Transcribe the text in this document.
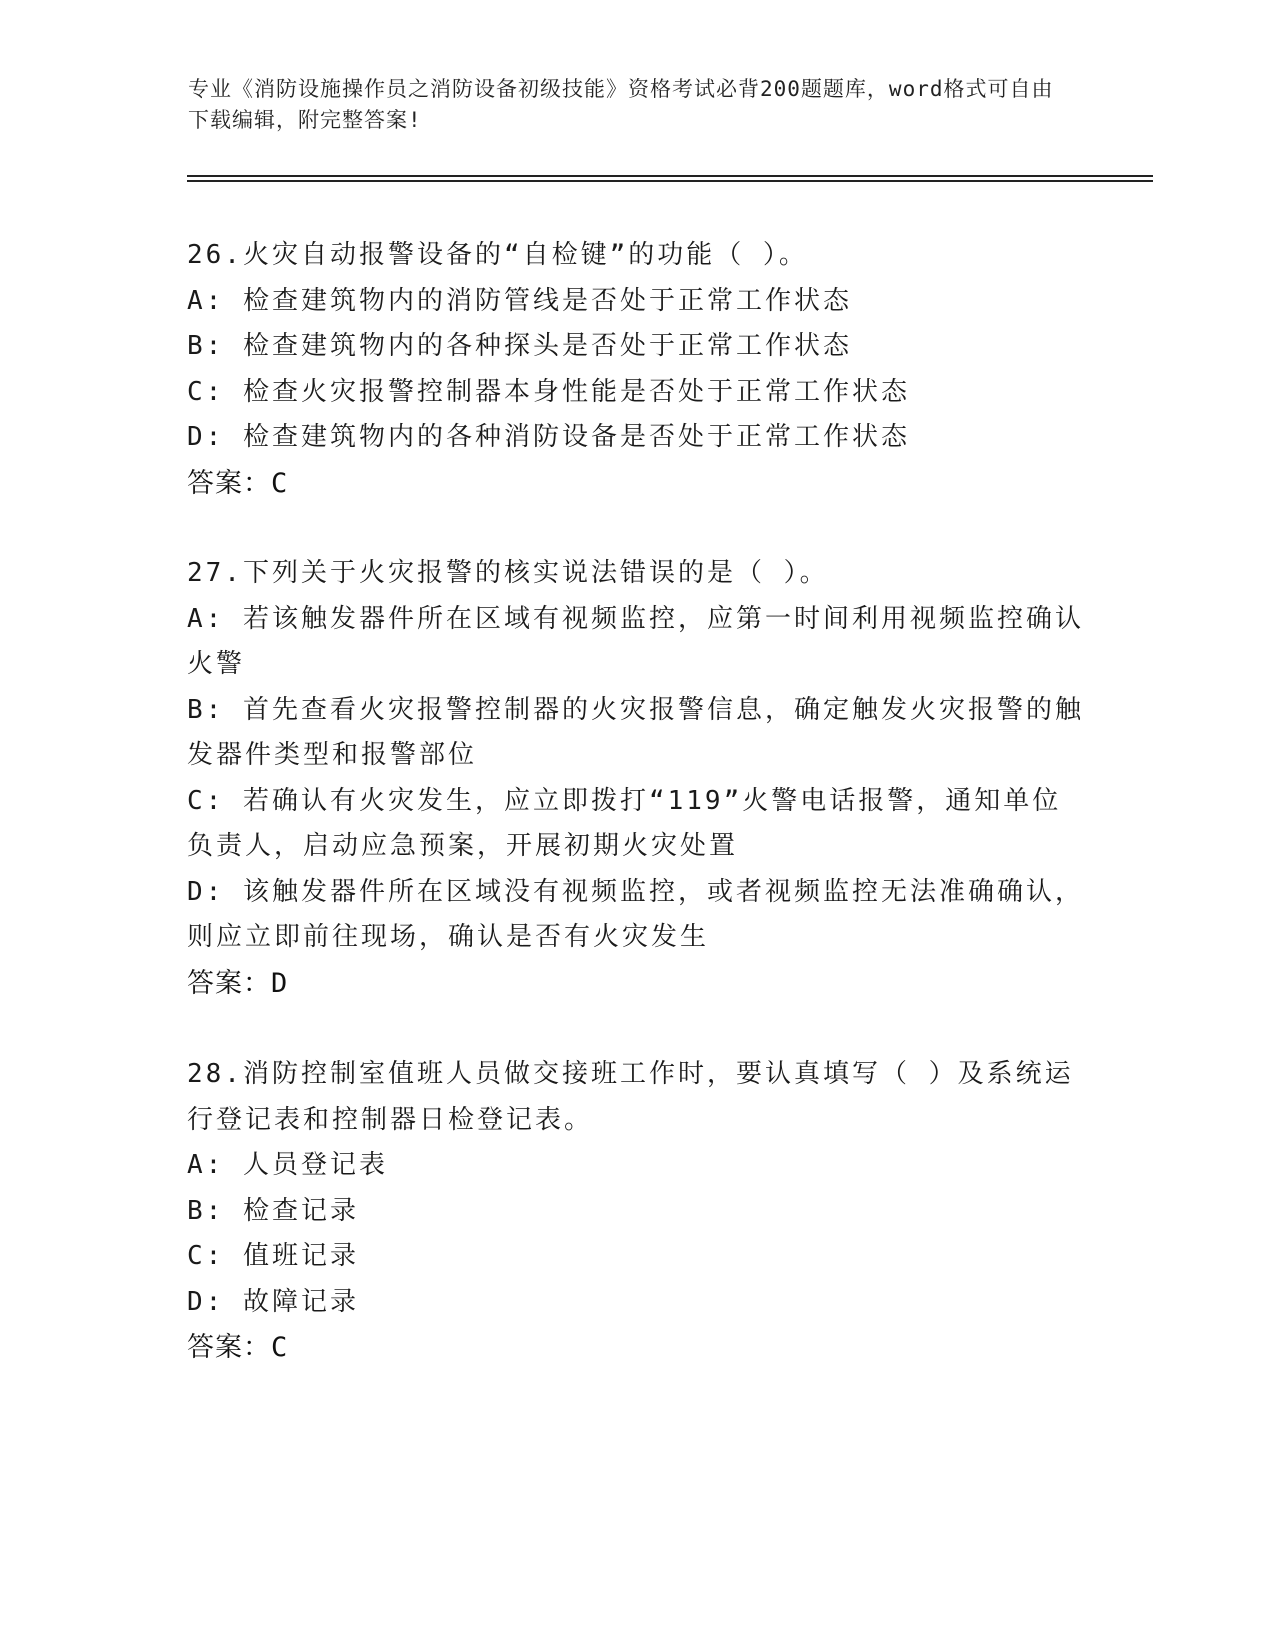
专业《消防设施操作员之消防设备初级技能》资格考试必背200题题库，word格式可自由下载编辑，附完整答案!

26.火灾自动报警设备的“自检键”的功能（ ）。

A: 检查建筑物内的消防管线是否处于正常工作状态

B: 检查建筑物内的各种探头是否处于正常工作状态

C: 检查火灾报警控制器本身性能是否处于正常工作状态

D: 检查建筑物内的各种消防设备是否处于正常工作状态

答案：C

27.下列关于火灾报警的核实说法错误的是（ ）。

A: 若该触发器件所在区域有视频监控，应第一时间利用视频监控确认火警

B: 首先查看火灾报警控制器的火灾报警信息，确定触发火灾报警的触发器件类型和报警部位

C: 若确认有火灾发生，应立即拨打“119”火警电话报警，通知单位负责人，启动应急预案，开展初期火灾处置

D: 该触发器件所在区域没有视频监控，或者视频监控无法准确确认，则应立即前往现场，确认是否有火灾发生

答案：D

28.消防控制室值班人员做交接班工作时，要认真填写（ ）及系统运行登记表和控制器日检登记表。

A: 人员登记表

B: 检查记录

C: 值班记录

D: 故障记录

答案：C
